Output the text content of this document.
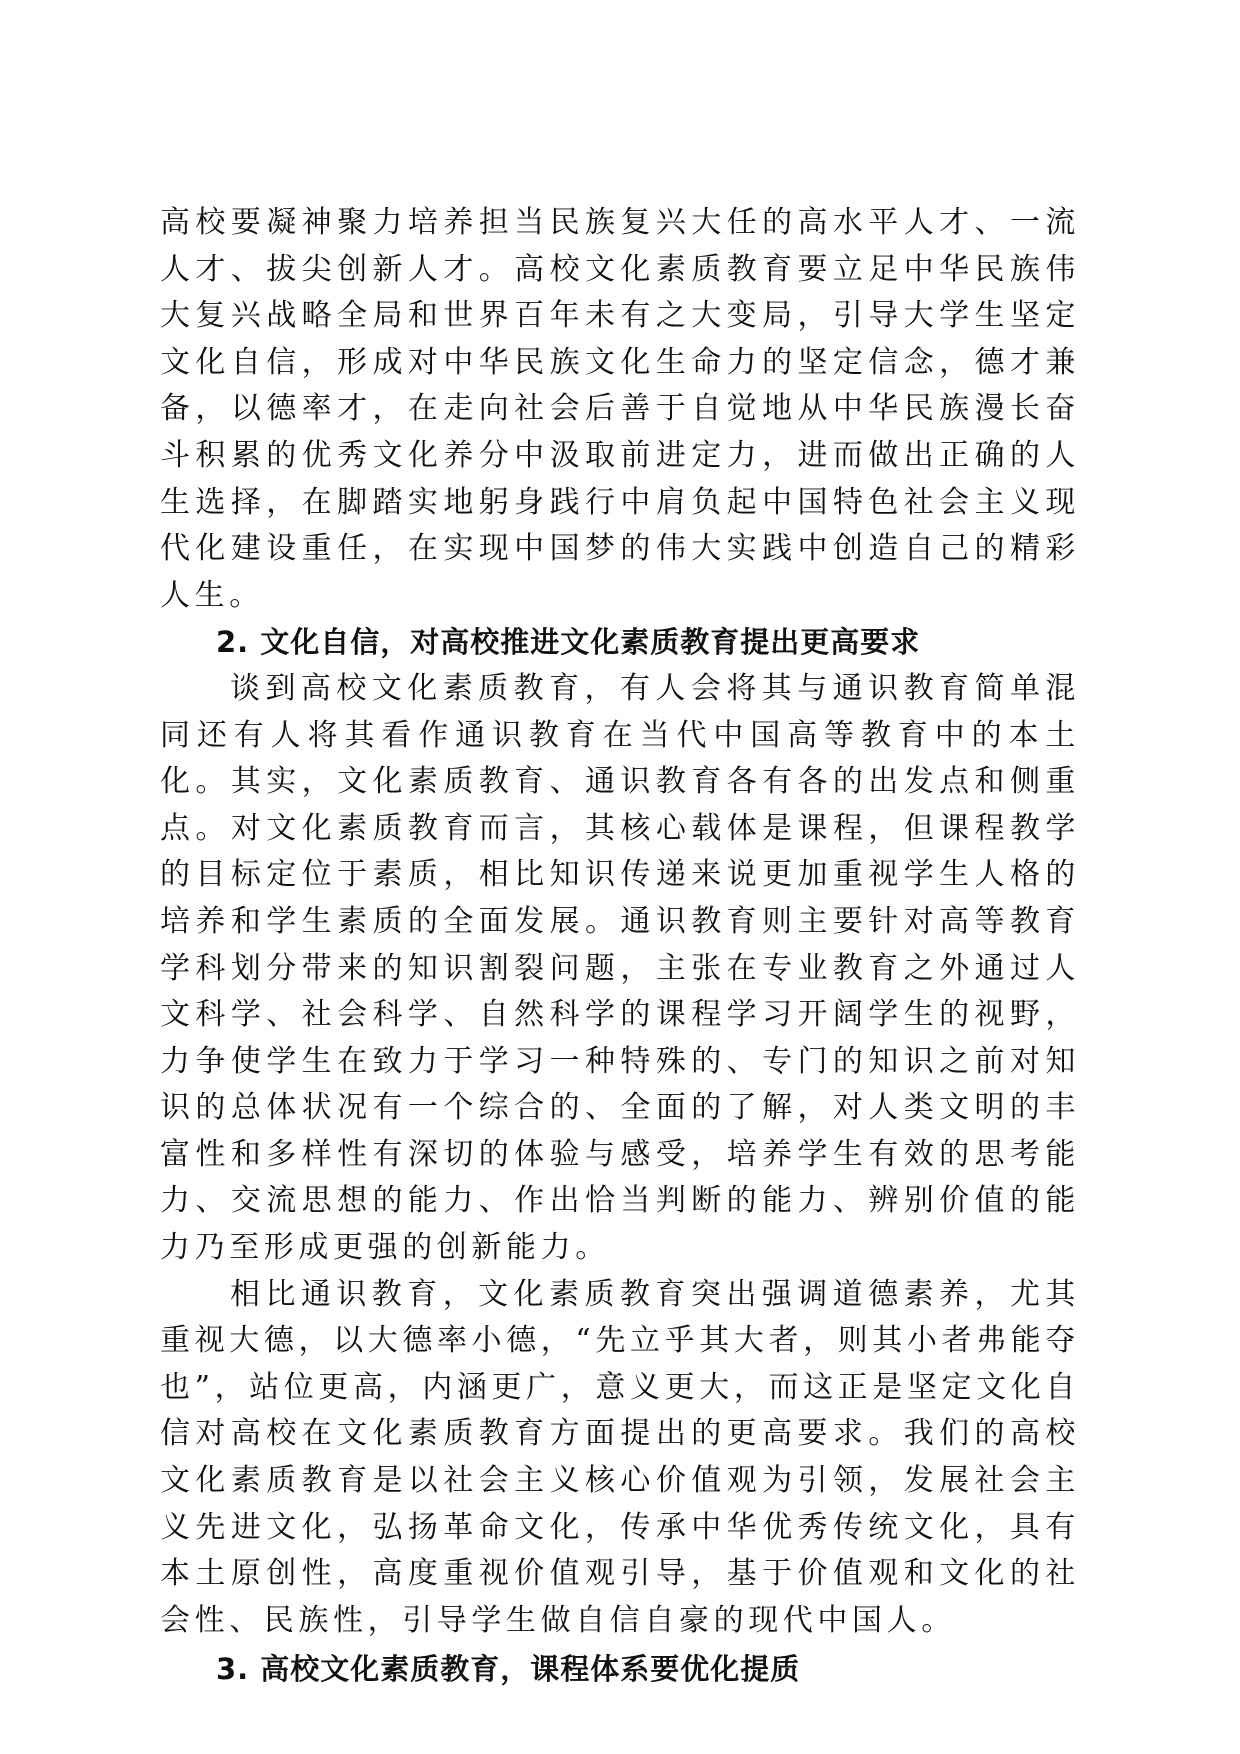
高校要凝神聚力培养担当民族复兴大任的高水平人才、一流人才、拔尖创新人才。高校文化素质教育要立足中华民族伟大复兴战略全局和世界百年未有之大变局，引导大学生坚定文化自信，形成对中华民族文化生命力的坚定信念，德才兼备，以德率才，在走向社会后善于自觉地从中华民族漫长奋斗积累的优秀文化养分中汲取前进定力，进而做出正确的人生选择，在脚踏实地躬身践行中肩负起中国特色社会主义现代化建设重任，在实现中国梦的伟大实践中创造自己的精彩人生。

2. 文化自信，对高校推进文化素质教育提出更高要求

谈到高校文化素质教育，有人会将其与通识教育简单混同还有人将其看作通识教育在当代中国高等教育中的本土化。其实，文化素质教育、通识教育各有各的出发点和侧重点。对文化素质教育而言，其核心载体是课程，但课程教学的目标定位于素质，相比知识传递来说更加重视学生人格的培养和学生素质的全面发展。通识教育则主要针对高等教育学科划分带来的知识割裂问题，主张在专业教育之外通过人文科学、社会科学、自然科学的课程学习开阔学生的视野，力争使学生在致力于学习一种特殊的、专门的知识之前对知识的总体状况有一个综合的、全面的了解，对人类文明的丰富性和多样性有深切的体验与感受，培养学生有效的思考能力、交流思想的能力、作出恰当判断的能力、辨别价值的能力乃至形成更强的创新能力。

相比通识教育，文化素质教育突出强调道德素养，尤其重视大德，以大德率小德，“先立乎其大者，则其小者弗能夺也”，站位更高，内涵更广，意义更大，而这正是坚定文化自信对高校在文化素质教育方面提出的更高要求。我们的高校文化素质教育是以社会主义核心价值观为引领，发展社会主义先进文化，弘扬革命文化，传承中华优秀传统文化，具有本土原创性，高度重视价值观引导，基于价值观和文化的社会性、民族性，引导学生做自信自豪的现代中国人。

3. 高校文化素质教育，课程体系要优化提质
